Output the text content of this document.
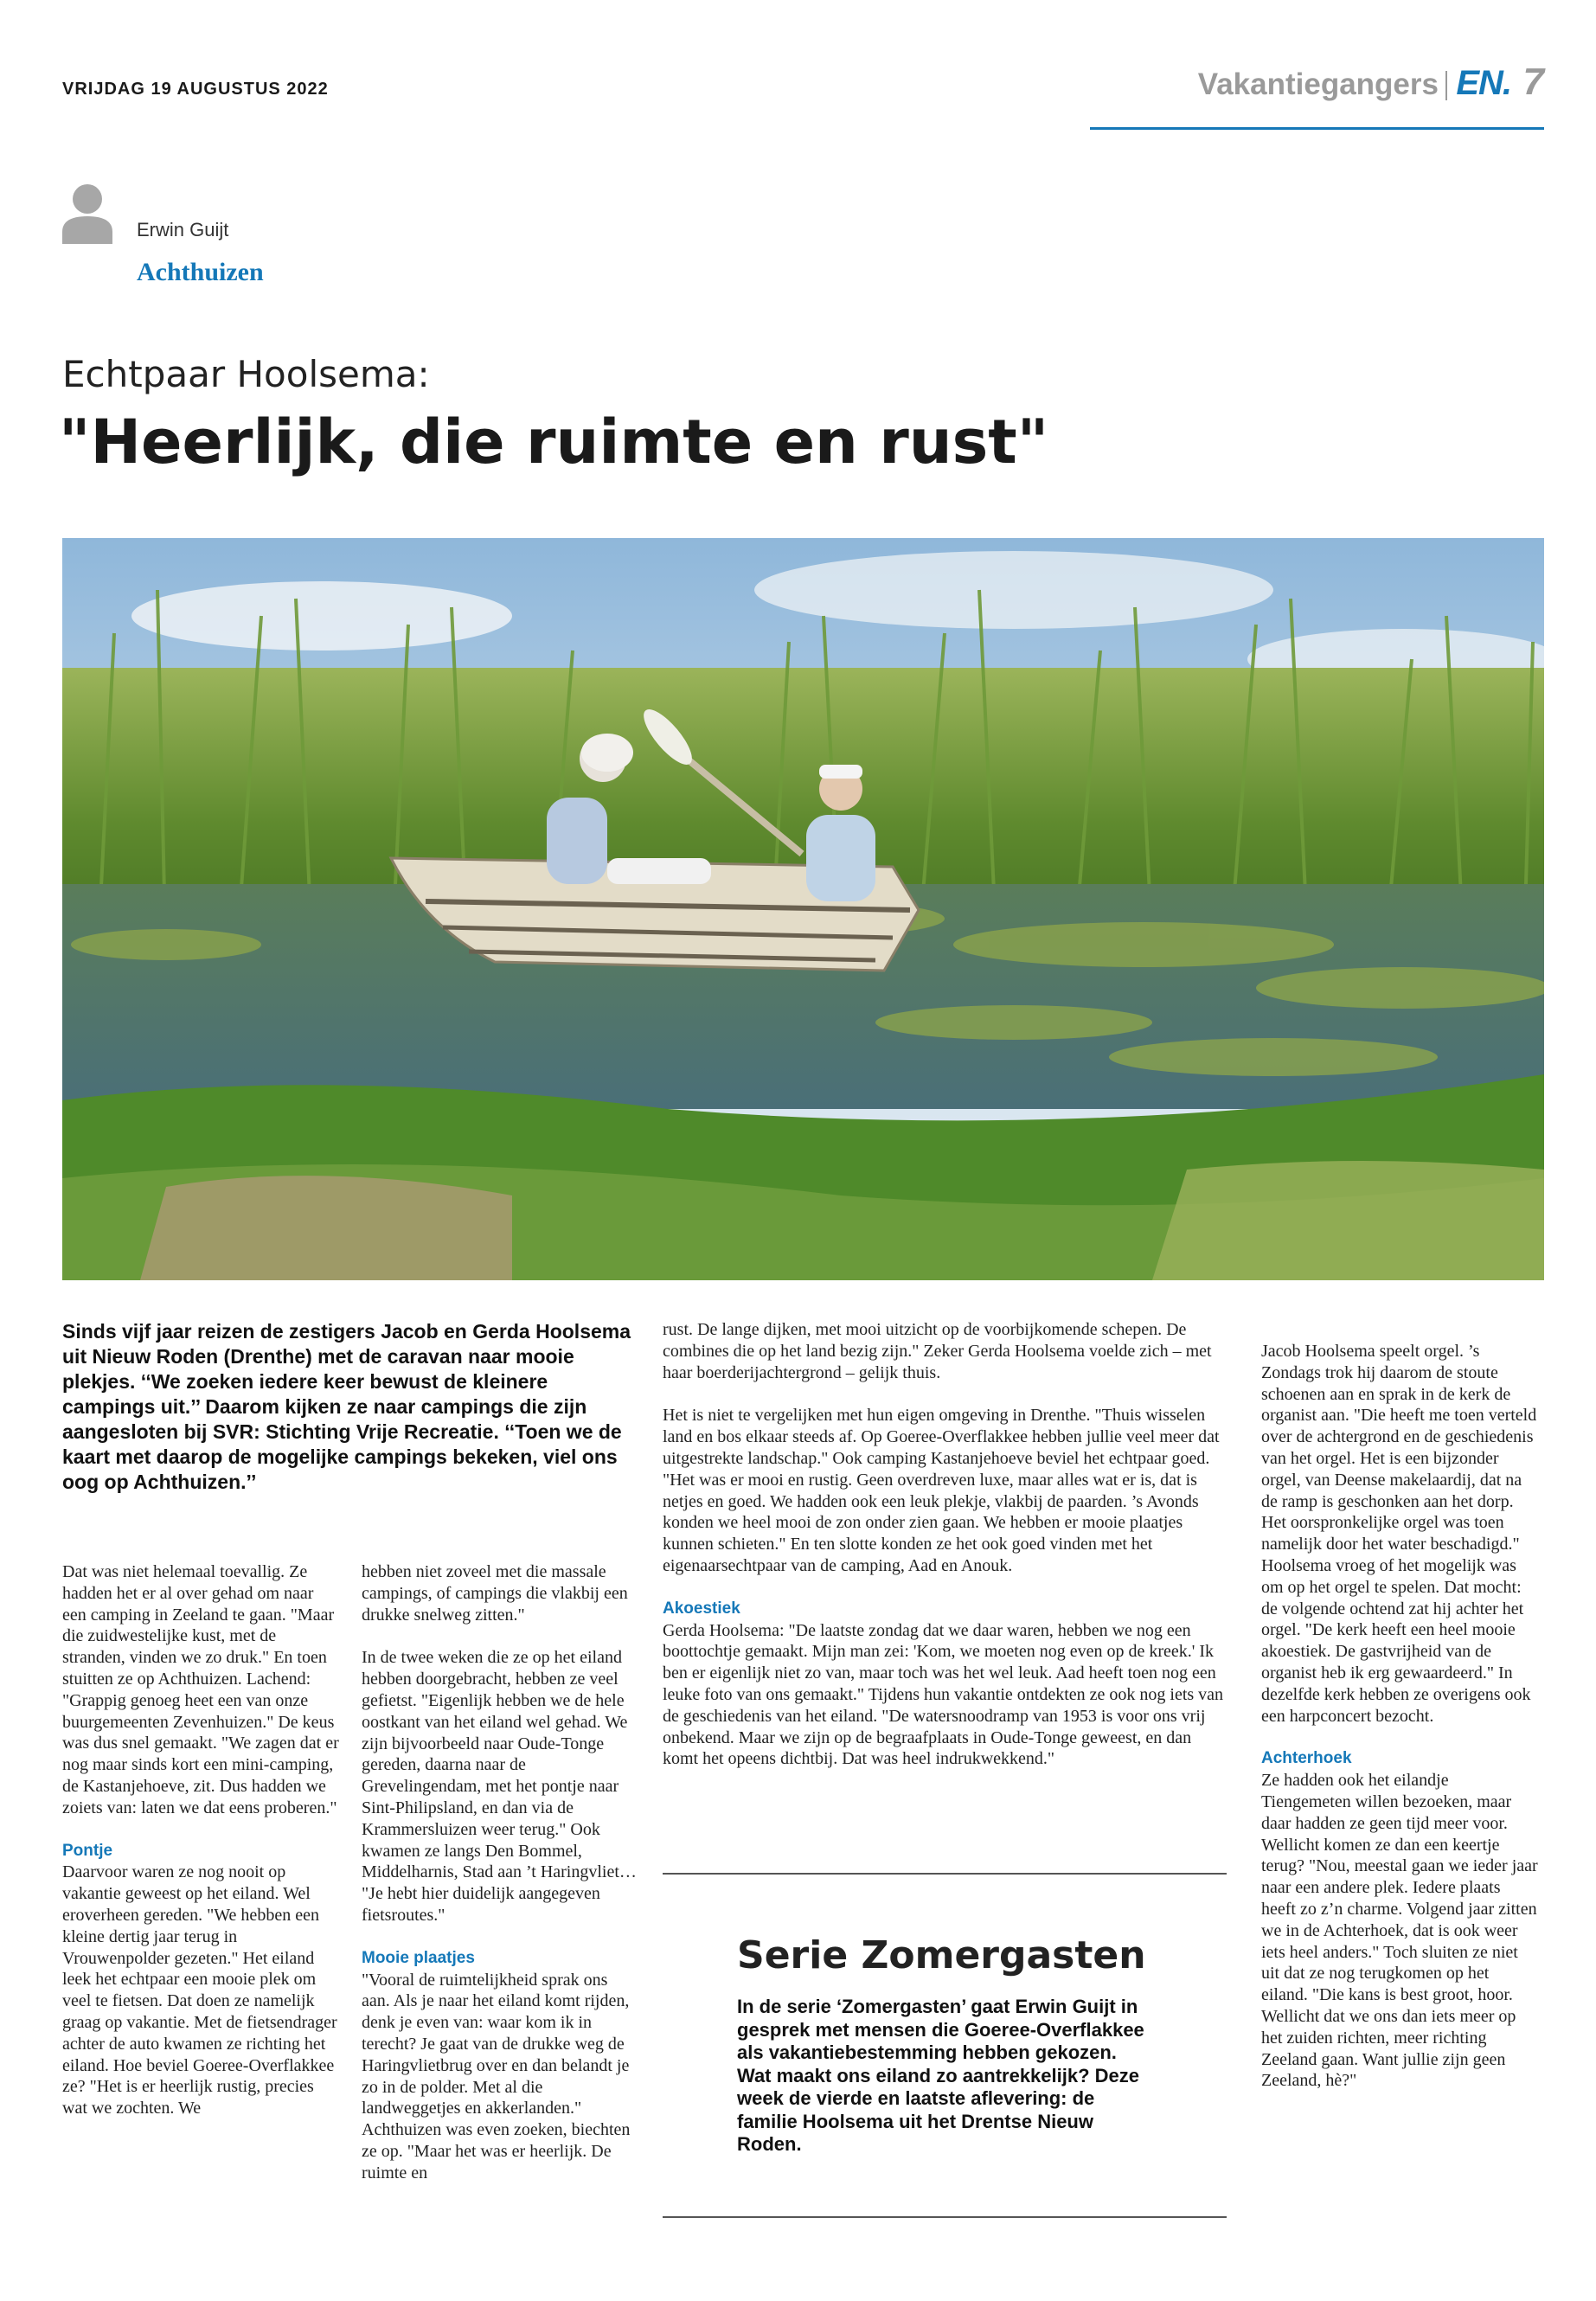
VRIJDAG 19 AUGUSTUS 2022	Vakantiegangers EN. 7
Erwin Guijt
Achthuizen
Echtpaar Hoolsema:
"Heerlijk, die ruimte en rust"
Sinds vijf jaar reizen de zestigers Jacob en Gerda Hoolsema uit Nieuw Roden (Drenthe) met de caravan naar mooie plekjes. ‘‘We zoeken iedere keer bewust de kleinere campings uit.’’ Daarom kijken ze naar campings die zijn aangesloten bij SVR: Stichting Vrije Recreatie. ‘‘Toen we de kaart met daarop de mogelijke campings bekeken, viel ons oog op Achthuizen.’’

Dat was niet helemaal toevallig. Ze hadden het er al over gehad om naar een camping in Zeeland te gaan. "Maar die zuidwestelijke kust, met de stranden, vinden we zo druk." En toen stuitten ze op Achthuizen. Lachend: "Grappig genoeg heet een van onze buurgemeenten Zevenhuizen." De keus was dus snel gemaakt. "We zagen dat er nog maar sinds kort een mini-camping, de Kastanjehoeve, zit. Dus hadden we zoiets van: laten we dat eens proberen."

Pontje

Daarvoor waren ze nog nooit op vakantie geweest op het eiland. Wel eroverheen gereden. "We hebben een kleine dertig jaar terug in Vrouwenpolder gezeten." Het eiland leek het echtpaar een mooie plek om veel te fietsen. Dat doen ze namelijk graag op vakantie. Met de fietsendrager achter de auto kwamen ze richting het eiland. Hoe beviel Goeree-Overflakkee ze? "Het is er heerlijk rustig, precies wat we zochten. We

hebben niet zoveel met die massale campings, of campings die vlakbij een drukke snelweg zitten."

In de twee weken die ze op het eiland hebben doorgebracht, hebben ze veel gefietst. "Eigenlijk hebben we de hele oostkant van het eiland wel gehad. We zijn bijvoorbeeld naar Oude-Tonge gereden, daarna naar de Grevelingendam, met het pontje naar Sint-Philipsland, en dan via de Krammersluizen weer terug." Ook kwamen ze langs Den Bommel, Middelharnis, Stad aan ’t Haringvliet… "Je hebt hier duidelijk aangegeven fietsroutes."

Mooie plaatjes

"Vooral de ruimtelijkheid sprak ons aan. Als je naar het eiland komt rijden, denk je even van: waar kom ik in terecht? Je gaat van de drukke weg de Haringvlietbrug over en dan belandt je zo in de polder. Met al die landweggetjes en akkerlanden." Achthuizen was even zoeken, biechten ze op. "Maar het was er heerlijk. De ruimte en

rust. De lange dijken, met mooi uitzicht op de voorbijkomende schepen. De combines die op het land bezig zijn." Zeker Gerda Hoolsema voelde zich – met haar boerderijachtergrond – gelijk thuis.

Het is niet te vergelijken met hun eigen omgeving in Drenthe. "Thuis wisselen land en bos elkaar steeds af. Op Goeree-Overflakkee hebben jullie veel meer dat uitgestrekte landschap." Ook camping Kastanjehoeve beviel het echtpaar goed. "Het was er mooi en rustig. Geen overdreven luxe, maar alles wat er is, dat is netjes en goed. We hadden ook een leuk plekje, vlakbij de paarden. ’s Avonds konden we heel mooi de zon onder zien gaan. We hebben er mooie plaatjes kunnen schieten." En ten slotte konden ze het ook goed vinden met het eigenaarsechtpaar van de camping, Aad en Anouk.

Akoestiek

Gerda Hoolsema: "De laatste zondag dat we daar waren, hebben we nog een boottochtje gemaakt. Mijn man zei: 'Kom, we moeten nog even op de kreek.' Ik ben er eigenlijk niet zo van, maar toch was het wel leuk. Aad heeft toen nog een leuke foto van ons gemaakt." Tijdens hun vakantie ontdekten ze ook nog iets van de geschiedenis van het eiland. "De watersnoodramp van 1953 is voor ons vrij onbekend. Maar we zijn op de begraafplaats in Oude-Tonge geweest, en dan komt het opeens dichtbij. Dat was heel indrukwekkend."

Jacob Hoolsema speelt orgel. ’s Zondags trok hij daarom de stoute schoenen aan en sprak in de kerk de organist aan. "Die heeft me toen verteld over de achtergrond en de geschiedenis van het orgel. Het is een bijzonder orgel, van Deense makelaardij, dat na de ramp is geschonken aan het dorp. Het oorspronkelijke orgel was toen namelijk door het water beschadigd." Hoolsema vroeg of het mogelijk was om op het orgel te spelen. Dat mocht: de volgende ochtend zat hij achter het orgel. "De kerk heeft een heel mooie akoestiek. De gastvrijheid van de organist heb ik erg gewaardeerd." In dezelfde kerk hebben ze overigens ook een harpconcert bezocht.

Achterhoek

Ze hadden ook het eilandje Tiengemeten willen bezoeken, maar daar hadden ze geen tijd meer voor. Wellicht komen ze dan een keertje terug? "Nou, meestal gaan we ieder jaar naar een andere plek. Iedere plaats heeft zo z’n charme. Volgend jaar zitten we in de Achterhoek, dat is ook weer iets heel anders." Toch sluiten ze niet uit dat ze nog terugkomen op het eiland. "Die kans is best groot, hoor. Wellicht dat we ons dan iets meer op het zuiden richten, meer richting Zeeland gaan. Want jullie zijn geen Zeeland, hè?"

Serie Zomergasten
In de serie ‘Zomergasten’ gaat Erwin Guijt in gesprek met mensen die Goeree-Overflakkee als vakantiebestemming hebben gekozen. Wat maakt ons eiland zo aantrekkelijk? Deze week de vierde en laatste aflevering: de familie Hoolsema uit het Drentse Nieuw Roden.
